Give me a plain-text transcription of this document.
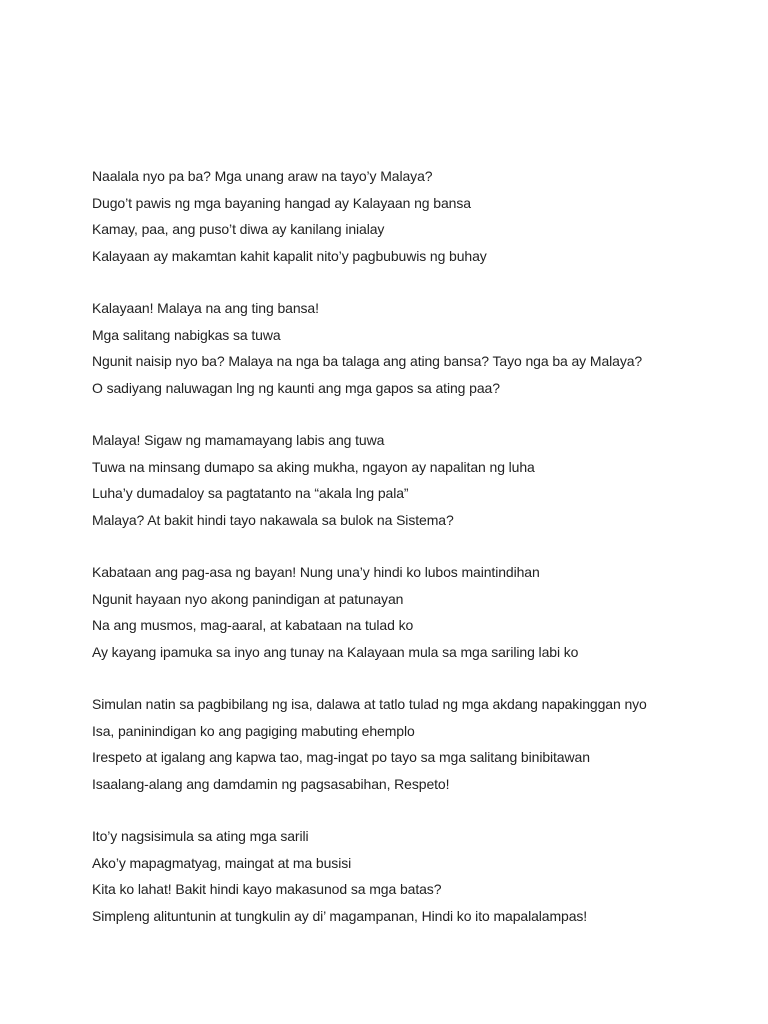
Naalala nyo pa ba? Mga unang araw na tayo’y Malaya?
Dugo’t pawis ng mga bayaning hangad ay Kalayaan ng bansa
Kamay, paa, ang puso’t diwa ay kanilang inialay
Kalayaan ay makamtan kahit kapalit nito’y pagbubuwis ng buhay
Kalayaan! Malaya na ang ting bansa!
Mga salitang nabigkas sa tuwa
Ngunit naisip nyo ba? Malaya na nga ba talaga ang ating bansa? Tayo nga ba ay Malaya?
O sadiyang naluwagan lng ng kaunti ang mga gapos sa ating paa?
Malaya! Sigaw ng mamamayang labis ang tuwa
Tuwa na minsang dumapo sa aking mukha, ngayon ay napalitan ng luha
Luha’y dumadaloy sa pagtatanto na “akala lng pala”
Malaya? At bakit hindi tayo nakawala sa bulok na Sistema?
Kabataan ang pag-asa ng bayan! Nung una’y hindi ko lubos maintindihan
Ngunit hayaan nyo akong panindigan at patunayan
Na ang musmos, mag-aaral, at kabataan na tulad ko
Ay kayang ipamuka sa inyo ang tunay na Kalayaan mula sa mga sariling labi ko
Simulan natin sa pagbibilang ng isa, dalawa at tatlo tulad ng mga akdang napakinggan nyo
Isa, paninindigan ko ang pagiging mabuting ehemplo
Irespeto at igalang ang kapwa tao, mag-ingat po tayo sa mga salitang binibitawan
Isaalang-alang ang damdamin ng pagsasabihan, Respeto!
Ito’y nagsisimula sa ating mga sarili
Ako’y mapagmatyag, maingat at ma busisi
Kita ko lahat! Bakit hindi kayo makasunod sa mga batas?
Simpleng alituntunin at tungkulin ay di’ magampanan, Hindi ko ito mapalalampas!
